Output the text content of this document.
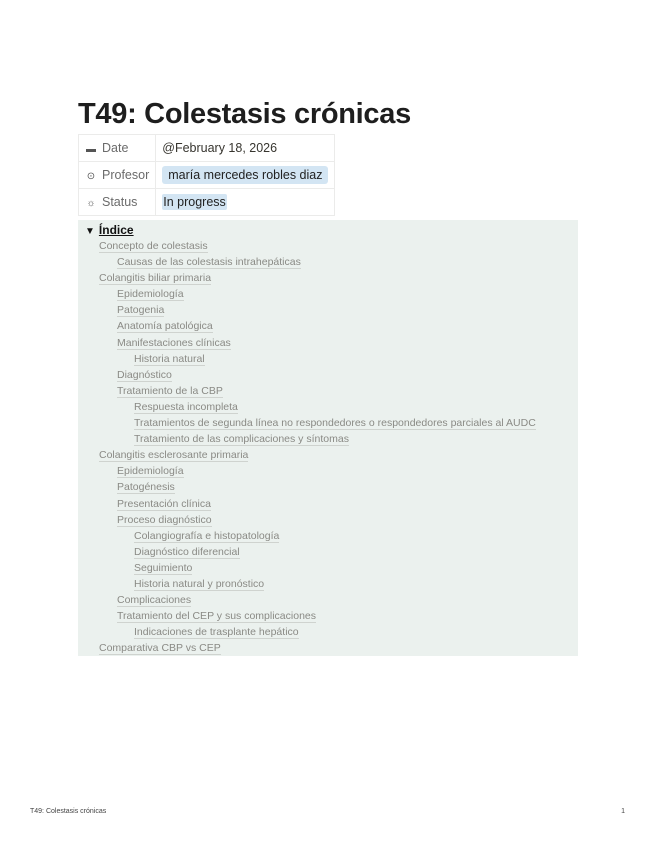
T49: Colestasis crónicas
▬ Date	@February 18, 2026
⊙ Profesor	maría mercedes robles diaz
☼ Status	In progress
▼ Índice
Concepto de colestasis
Causas de las colestasis intrahepáticas
Colangitis biliar primaria
Epidemiología
Patogenia
Anatomía patológica
Manifestaciones clínicas
Historia natural
Diagnóstico
Tratamiento de la CBP
Respuesta incompleta
Tratamientos de segunda línea no respondedores o respondedores parciales al AUDC
Tratamiento de las complicaciones y síntomas
Colangitis esclerosante primaria
Epidemiología
Patogénesis
Presentación clínica
Proceso diagnóstico
Colangiografía e histopatología
Diagnóstico diferencial
Seguimiento
Historia natural y pronóstico
Complicaciones
Tratamiento del CEP y sus complicaciones
Indicaciones de trasplante hepático
Comparativa CBP vs CEP
T49: Colestasis crónicas	1
